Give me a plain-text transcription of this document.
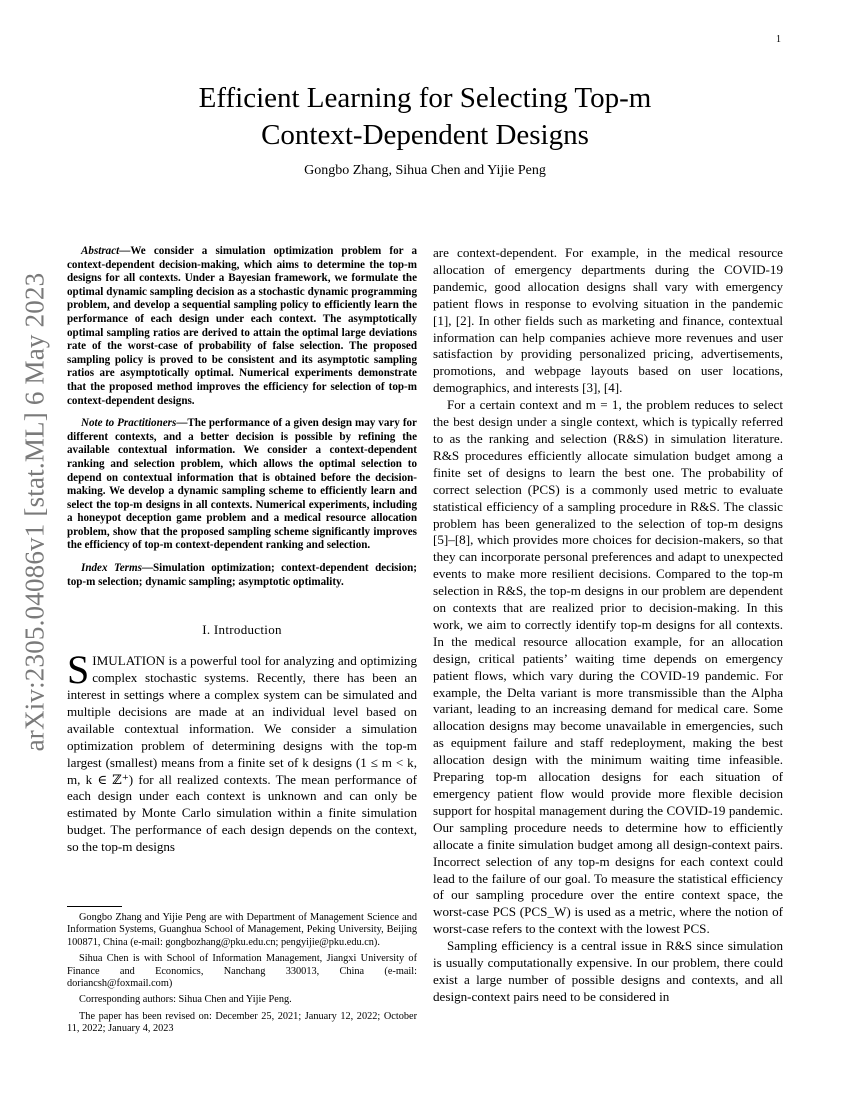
1
arXiv:2305.04086v1 [stat.ML] 6 May 2023
Efficient Learning for Selecting Top-m
Context-Dependent Designs
Gongbo Zhang, Sihua Chen and Yijie Peng

Abstract—We consider a simulation optimization problem for a context-dependent decision-making, which aims to determine the top-m designs for all contexts. Under a Bayesian framework, we formulate the optimal dynamic sampling decision as a stochastic dynamic programming problem, and develop a sequential sampling policy to efficiently learn the performance of each design under each context. The asymptotically optimal sampling ratios are derived to attain the optimal large deviations rate of the worst-case of probability of false selection. The proposed sampling policy is proved to be consistent and its asymptotic sampling ratios are asymptotically optimal. Numerical experiments demonstrate that the proposed method improves the efficiency for selection of top-m context-dependent designs.

Note to Practitioners—The performance of a given design may vary for different contexts, and a better decision is possible by refining the available contextual information. We consider a context-dependent ranking and selection problem, which allows the optimal selection to depend on contextual information that is obtained before the decision-making. We develop a dynamic sampling scheme to efficiently learn and select the top-m designs in all contexts. Numerical experiments, including a honeypot deception game problem and a medical resource allocation problem, show that the proposed sampling scheme significantly improves the efficiency of top-m context-dependent ranking and selection.

Index Terms—Simulation optimization; context-dependent decision; top-m selection; dynamic sampling; asymptotic optimality.

I. Introduction

SIMULATION is a powerful tool for analyzing and optimizing complex stochastic systems. Recently, there has been an interest in settings where a complex system can be simulated and multiple decisions are made at an individual level based on available contextual information. We consider a simulation optimization problem of determining designs with the top-m largest (smallest) means from a finite set of k designs (1 ≤ m < k, m, k ∈ ℤ⁺) for all realized contexts. The mean performance of each design under each context is unknown and can only be estimated by Monte Carlo simulation within a finite simulation budget. The performance of each design depends on the context, so the top-m designs

Gongbo Zhang and Yijie Peng are with Department of Management Science and Information Systems, Guanghua School of Management, Peking University, Beijing 100871, China (e-mail: gongbozhang@pku.edu.cn; pengyijie@pku.edu.cn).

Sihua Chen is with School of Information Management, Jiangxi University of Finance and Economics, Nanchang 330013, China (e-mail: doriancsh@foxmail.com)

Corresponding authors: Sihua Chen and Yijie Peng.

The paper has been revised on: December 25, 2021; January 12, 2022; October 11, 2022; January 4, 2023

are context-dependent. For example, in the medical resource allocation of emergency departments during the COVID-19 pandemic, good allocation designs shall vary with emergency patient flows in response to evolving situation in the pandemic [1], [2]. In other fields such as marketing and finance, contextual information can help companies achieve more revenues and user satisfaction by providing personalized pricing, advertisements, promotions, and webpage layouts based on user locations, demographics, and interests [3], [4].

For a certain context and m = 1, the problem reduces to select the best design under a single context, which is typically referred to as the ranking and selection (R&S) in simulation literature. R&S procedures efficiently allocate simulation budget among a finite set of designs to learn the best one. The probability of correct selection (PCS) is a commonly used metric to evaluate statistical efficiency of a sampling procedure in R&S. The classic problem has been generalized to the selection of top-m designs [5]–[8], which provides more choices for decision-makers, so that they can incorporate personal preferences and adapt to unexpected events to make more resilient decisions. Compared to the top-m selection in R&S, the top-m designs in our problem are dependent on contexts that are realized prior to decision-making. In this work, we aim to correctly identify top-m designs for all contexts. In the medical resource allocation example, for an allocation design, critical patients’ waiting time depends on emergency patient flows, which vary during the COVID-19 pandemic. For example, the Delta variant is more transmissible than the Alpha variant, leading to an increasing demand for medical care. Some allocation designs may become unavailable in emergencies, such as equipment failure and staff redeployment, making the best allocation design with the minimum waiting time infeasible. Preparing top-m allocation designs for each situation of emergency patient flow would provide more flexible decision support for hospital management during the COVID-19 pandemic. Our sampling procedure needs to determine how to efficiently allocate a finite simulation budget among all design-context pairs. Incorrect selection of any top-m designs for each context could lead to the failure of our goal. To measure the statistical efficiency of our sampling procedure over the entire context space, the worst-case PCS (PCS_W) is used as a metric, where the notion of worst-case refers to the context with the lowest PCS.

Sampling efficiency is a central issue in R&S since simulation is usually computationally expensive. In our problem, there could exist a large number of possible designs and contexts, and all design-context pairs need to be considered in
